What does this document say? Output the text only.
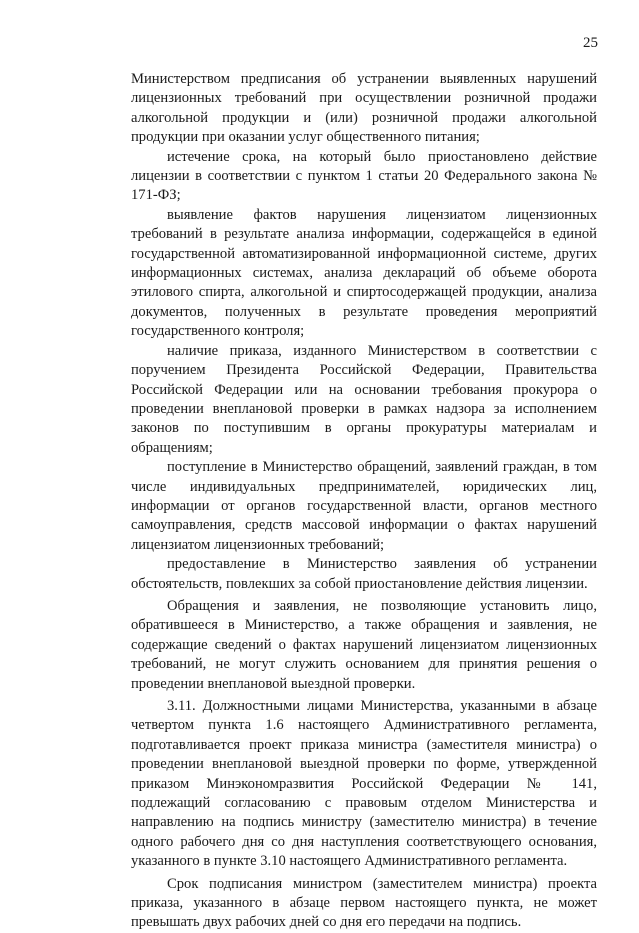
25

Министерством предписания об устранении выявленных нарушений лицензионных требований при осуществлении розничной продажи алкогольной продукции и (или) розничной продажи алкогольной продукции при оказании услуг общественного питания;

истечение срока, на который было приостановлено действие лицензии в соответствии с пунктом 1 статьи 20 Федерального закона № 171-ФЗ;

выявление фактов нарушения лицензиатом лицензионных требований в результате анализа информации, содержащейся в единой государственной автоматизированной информационной системе, других информационных системах, анализа деклараций об объеме оборота этилового спирта, алкогольной и спиртосодержащей продукции, анализа документов, полученных в результате проведения мероприятий государственного контроля;

наличие приказа, изданного Министерством в соответствии с поручением Президента Российской Федерации, Правительства Российской Федерации или на основании требования прокурора о проведении внеплановой проверки в рамках надзора за исполнением законов по поступившим в органы прокуратуры материалам и обращениям;

поступление в Министерство обращений, заявлений граждан, в том числе индивидуальных предпринимателей, юридических лиц, информации от органов государственной власти, органов местного самоуправления, средств массовой информации о фактах нарушений лицензиатом лицензионных требований;

предоставление в Министерство заявления об устранении обстоятельств, повлекших за собой приостановление действия лицензии.

Обращения и заявления, не позволяющие установить лицо, обратившееся в Министерство, а также обращения и заявления, не содержащие сведений о фактах нарушений лицензиатом лицензионных требований, не могут служить основанием для принятия решения о проведении внеплановой выездной проверки.

3.11. Должностными лицами Министерства, указанными в абзаце четвертом пункта 1.6 настоящего Административного регламента, подготавливается проект приказа министра (заместителя министра) о проведении внеплановой выездной проверки по форме, утвержденной приказом Минэкономразвития Российской Федерации № 141, подлежащий согласованию с правовым отделом Министерства и направлению на подпись министру (заместителю министра) в течение одного рабочего дня со дня наступления соответствующего основания, указанного в пункте 3.10 настоящего Административного регламента.

Срок подписания министром (заместителем министра) проекта приказа, указанного в абзаце первом настоящего пункта, не может превышать двух рабочих дней со дня его передачи на подпись.
